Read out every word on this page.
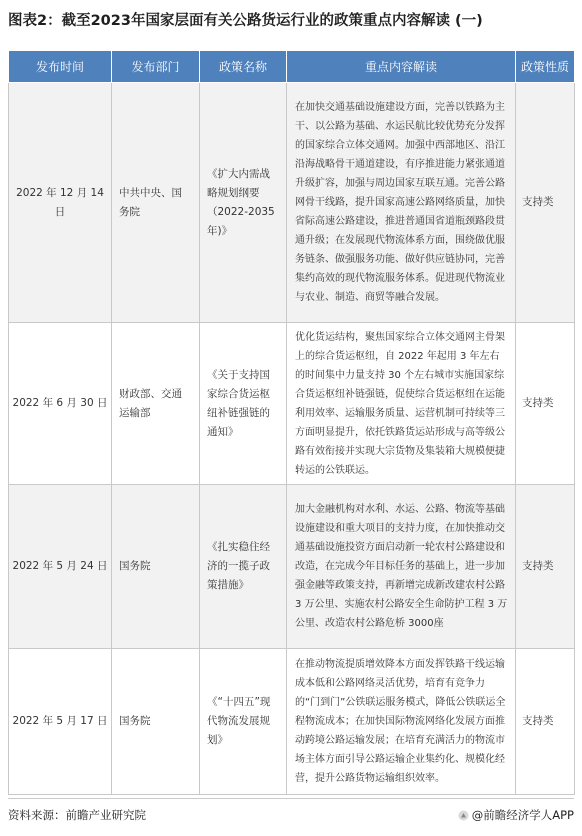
图表2：截至2023年国家层面有关公路货运行业的政策重点内容解读 (一)
发布时间	发布部门	政策名称	重点内容解读	政策性质
2022 年 12 月 14 日	中共中央、国务院	《扩大内需战略规划纲要（2022-2035年)》	在加快交通基础设施建设方面，完善以铁路为主干、以公路为基础、水运民航比较优势充分发挥的国家综合立体交通网。加强中西部地区、沿江沿海战略骨干通道建设，有序推进能力紧张通道升级扩容，加强与周边国家互联互通。完善公路网骨干线路，提升国家高速公路网络质量，加快省际高速公路建设，推进普通国省道瓶颈路段贯通升级；在发展现代物流体系方面，围绕做优服务链条、做强服务功能、做好供应链协同，完善集约高效的现代物流服务体系。促进现代物流业与农业、制造、商贸等融合发展。	支持类
2022 年 6 月 30 日	财政部、交通运输部	《关于支持国家综合货运枢纽补链强链的通知》	优化货运结构，聚焦国家综合立体交通网主骨架上的综合货运枢纽，自 2022 年起用 3 年左右的时间集中力量支持 30 个左右城市实施国家综合货运枢纽补链强链，促使综合货运枢纽在运能利用效率、运输服务质量、运营机制可持续等三方面明显提升，依托铁路货运站形成与高等级公路有效衔接并实现大宗货物及集装箱大规模便捷转运的公铁联运。	支持类
2022 年 5 月 24 日	国务院	《扎实稳住经济的一揽子政策措施》	加大金融机构对水利、水运、公路、物流等基础设施建设和重大项目的支持力度，在加快推动交通基础设施投资方面启动新一轮农村公路建设和改造，在完成今年目标任务的基础上，进一步加强金融等政策支持，再新增完成新改建农村公路 3 万公里、实施农村公路安全生命防护工程 3 万公里、改造农村公路危桥 3000座	支持类
2022 年 5 月 17 日	国务院	《“十四五”现代物流发展规划》	在推动物流提质增效降本方面发挥铁路干线运输成本低和公路网络灵活优势，培育有竞争力的“门到门”公铁联运服务模式，降低公铁联运全程物流成本；在加快国际物流网络化发展方面推动跨境公路运输发展；在培育充满活力的物流市场主体方面引导公路运输企业集约化、规模化经营，提升公路货物运输组织效率。	支持类
资料来源：前瞻产业研究院	@前瞻经济学人APP
